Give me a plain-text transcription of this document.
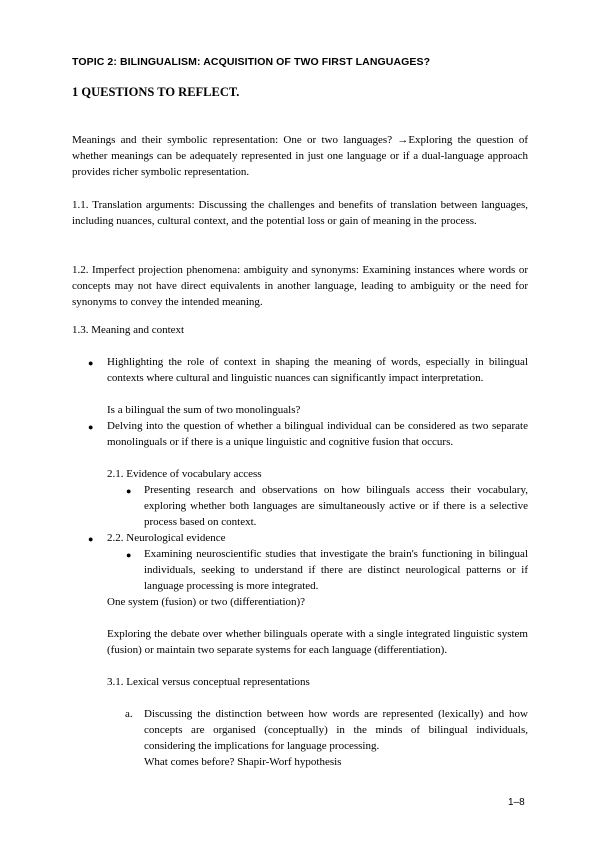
TOPIC 2: BILINGUALISM: ACQUISITION OF TWO FIRST LANGUAGES?
1 QUESTIONS TO REFLECT.
Meanings and their symbolic representation: One or two languages? →Exploring the question of whether meanings can be adequately represented in just one language or if a dual-language approach provides richer symbolic representation.
1.1. Translation arguments: Discussing the challenges and benefits of translation between languages, including nuances, cultural context, and the potential loss or gain of meaning in the process.
1.2. Imperfect projection phenomena: ambiguity and synonyms: Examining instances where words or concepts may not have direct equivalents in another language, leading to ambiguity or the need for synonyms to convey the intended meaning.
1.3. Meaning and context
● Highlighting the role of context in shaping the meaning of words, especially in bilingual contexts where cultural and linguistic nuances can significantly impact interpretation.
Is a bilingual the sum of two monolinguals?
● Delving into the question of whether a bilingual individual can be considered as two separate monolinguals or if there is a unique linguistic and cognitive fusion that occurs.
2.1. Evidence of vocabulary access
● Presenting research and observations on how bilinguals access their vocabulary, exploring whether both languages are simultaneously active or if there is a selective process based on context.
● 2.2. Neurological evidence
● Examining neuroscientific studies that investigate the brain's functioning in bilingual individuals, seeking to understand if there are distinct neurological patterns or if language processing is more integrated.
One system (fusion) or two (differentiation)?
Exploring the debate over whether bilinguals operate with a single integrated linguistic system (fusion) or maintain two separate systems for each language (differentiation).
3.1. Lexical versus conceptual representations
a. Discussing the distinction between how words are represented (lexically) and how concepts are organised (conceptually) in the minds of bilingual individuals, considering the implications for language processing.
What comes before? Shapir-Worf hypothesis
1–8
